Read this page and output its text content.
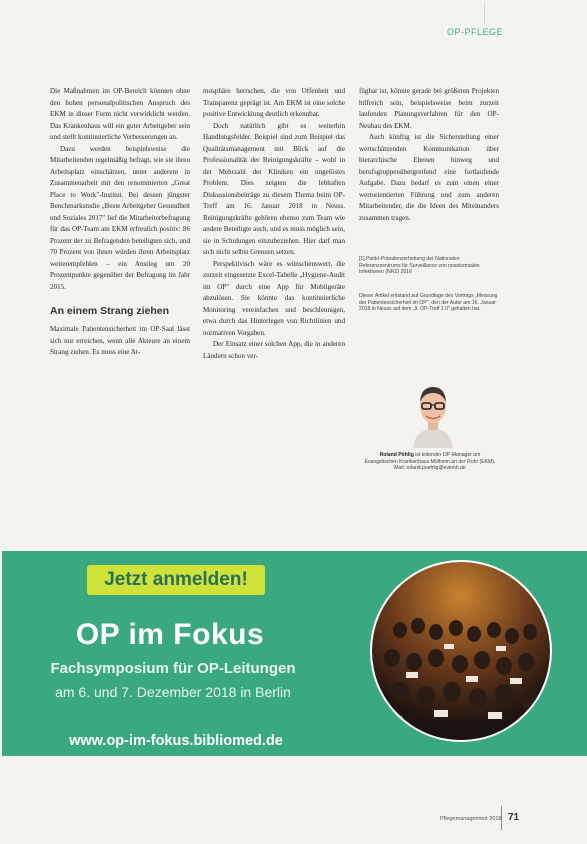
OP-PFLEGE

Die Maßnahmen im OP-Bereich könnten ohne den hohen personalpolitischen Anspruch des EKM in dieser Form nicht verwirklicht werden. Das Krankenhaus will ein guter Arbeitgeber sein und stellt kontinuierliche Verbesserungen an.

Dazu werden beispielsweise die Mitarbeitenden regelmäßig befragt, wie sie ihren Arbeitsplatz einschätzen, unter anderem in Zusammenarbeit mit den renommierten „Great Place to Work"-Institut. Bei dessen jüngster Benchmarkstudie „Beste Arbeitgeber Gesundheit und Soziales 2017" lief die Mitarbeiterbefragung für das OP-Team am EKM erfreulich positiv: 86 Prozent der zu Befragenden beteiligten sich, und 70 Prozent von ihnen würden ihren Arbeitsplatz weiterempfehlen – ein Anstieg um 20 Prozentpunkte gegenüber der Befragung im Jahr 2015.

An einem Strang ziehen

Maximale Patientensicherheit im OP-Saal lässt sich nur erreichen, wenn alle Akteure an einem Strang ziehen. Es muss eine At-

mosphäre herrschen, die von Offenheit und Transparenz geprägt ist. Am EKM ist eine solche positive Entwicklung deutlich erkennbar.

Doch natürlich gibt es weiterhin Handlungsfelder. Beispiel sind zum Beispiel das Qualitätsmanagement mit Blick auf die Professionalität der Reinigungskräfte – wohl in der Mehrzahl der Kliniken ein ungelöstes Problem. Dies zeigten die lebhaften Diskussionsbeiträge zu diesem Thema beim OP-Treff am 16. Januar 2018 in Neuss. Reinigungskräfte gehören ebenso zum Team wie andere Beteiligte auch, und es muss möglich sein, sie in Schulungen einzubeziehen. Hier darf man sich nicht selbst Grenzen setzen.

Perspektivisch wäre es wünschenswert, die zurzeit eingesetzte Excel-Tabelle „Hygiene-Audit im OP" durch eine App für Mobilgeräte abzulösen. Sie könnte das kontinuierliche Monitoring vereinfachen und beschleunigen, etwa durch das Hinterlegen von Richtlinien und normativen Vorgaben.

Der Einsatz einer solchen App, die in anderen Ländern schon ver-

fügbar ist, könnte gerade bei größeren Projekten hilfreich sein, beispielsweise beim zurzeit laufenden Planungsverfahren für den OP-Neubau des EKM.

Auch künftig ist die Sicherstellung einer wertschätzenden Kommunikation über hierarchische Ebenen hinweg und berufsgruppenübergreifend eine fortlaufende Aufgabe. Dazu bedarf es zum einen einer wertorientierten Führung und zum anderen Mitarbeitender, die die Ideen des Miteinanders zusammen tragen.

[1] Punkt-Prävalenzerhebung der Nationalen Referenzzentrums für Surveillance von nosokomialen Infektionen (NRZ) 2016
Dieser Artikel entstand auf Grundlage des Vortrags „Messung der Patientensicherheit im OP", den der Autor am 16. Januar 2018 in Neuss auf dem „9. OP-Treff 2.0" gehalten hat.
Roland Pöhlig ist leitender OP-Manager am Evangelischen Krankenhaus Mülheim an der Ruhr (EKM).
Mail: roland.poehlig@evkmh.de
Jetzt anmelden!
OP im Fokus
Fachsymposium für OP-Leitungen
am 6. und 7. Dezember 2018 in Berlin
www.op-im-fokus.bibliomed.de
Pflegemanagement 2018 71
